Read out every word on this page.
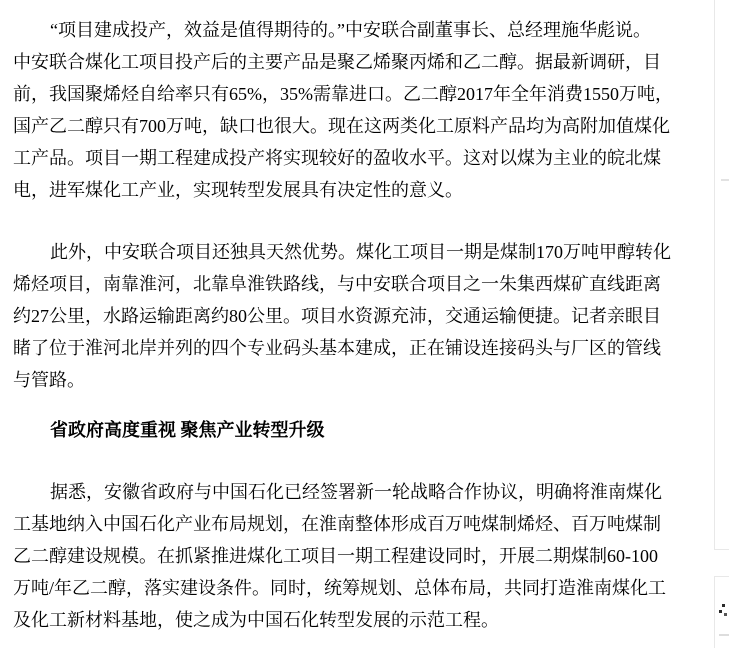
“项目建成投产，效益是值得期待的。”中安联合副董事长、总经理施华彪说。
中安联合煤化工项目投产后的主要产品是聚乙烯聚丙烯和乙二醇。据最新调研，目
前，我国聚烯烃自给率只有65%，35%需靠进口。乙二醇2017年全年消费1550万吨，
国产乙二醇只有700万吨，缺口也很大。现在这两类化工原料产品均为高附加值煤化
工产品。项目一期工程建成投产将实现较好的盈收水平。这对以煤为主业的皖北煤
电，进军煤化工产业，实现转型发展具有决定性的意义。
此外，中安联合项目还独具天然优势。煤化工项目一期是煤制170万吨甲醇转化
烯烃项目，南靠淮河，北靠阜淮铁路线，与中安联合项目之一朱集西煤矿直线距离
约27公里，水路运输距离约80公里。项目水资源充沛，交通运输便捷。记者亲眼目
睹了位于淮河北岸并列的四个专业码头基本建成，正在铺设连接码头与厂区的管线
与管路。
省政府高度重视 聚焦产业转型升级
据悉，安徽省政府与中国石化已经签署新一轮战略合作协议，明确将淮南煤化
工基地纳入中国石化产业布局规划，在淮南整体形成百万吨煤制烯烃、百万吨煤制
乙二醇建设规模。在抓紧推进煤化工项目一期工程建设同时，开展二期煤制60-100
万吨/年乙二醇，落实建设条件。同时，统筹规划、总体布局，共同打造淮南煤化工
及化工新材料基地，使之成为中国石化转型发展的示范工程。
